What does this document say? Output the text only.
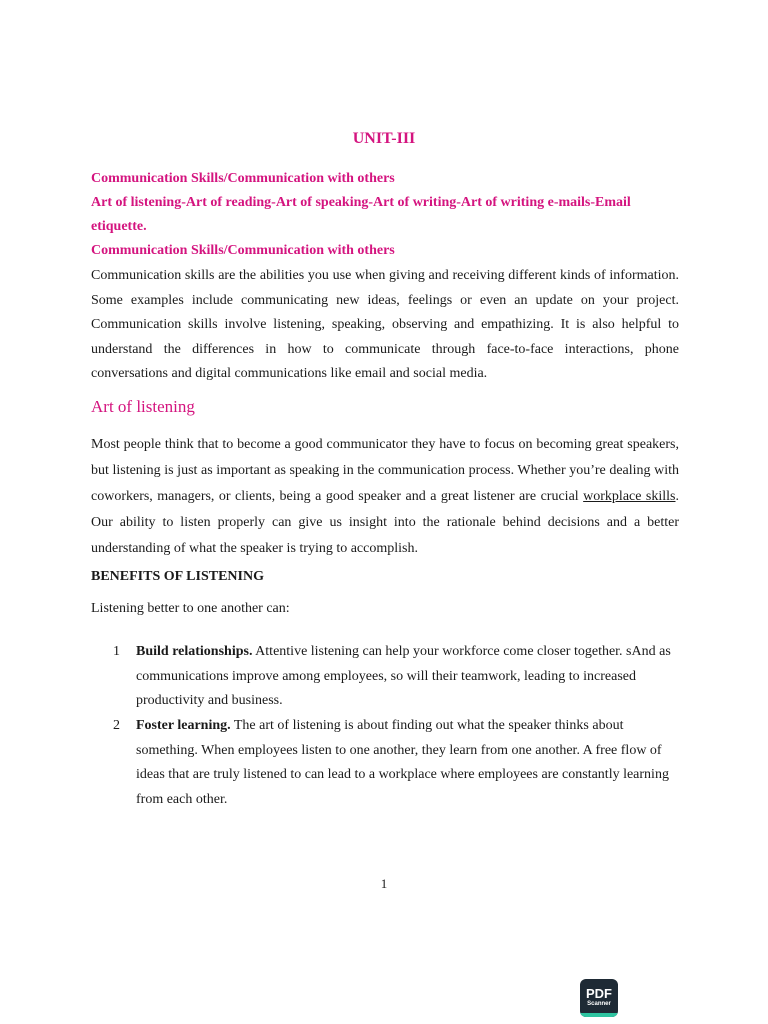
UNIT-III

Communication Skills/Communication with others

Art of listening-Art of reading-Art of speaking-Art of writing-Art of writing e-mails-Email etiquette.

Communication Skills/Communication with others

Communication skills are the abilities you use when giving and receiving different kinds of information. Some examples include communicating new ideas, feelings or even an update on your project. Communication skills involve listening, speaking, observing and empathizing. It is also helpful to understand the differences in how to communicate through face-to-face interactions, phone conversations and digital communications like email and social media.

Art of listening

Most people think that to become a good communicator they have to focus on becoming great speakers, but listening is just as important as speaking in the communication process. Whether you’re dealing with coworkers, managers, or clients, being a good speaker and a great listener are crucial workplace skills. Our ability to listen properly can give us insight into the rationale behind decisions and a better understanding of what the speaker is trying to accomplish.

BENEFITS OF LISTENING

Listening better to one another can:

1	Build relationships. Attentive listening can help your workforce come closer together. sAnd as communications improve among employees, so will their teamwork, leading to increased productivity and business.
2	Foster learning. The art of listening is about finding out what the speaker thinks about something. When employees listen to one another, they learn from one another. A free flow of ideas that are truly listened to can lead to a workplace where employees are constantly learning from each other.

1

PDF
Scanner
